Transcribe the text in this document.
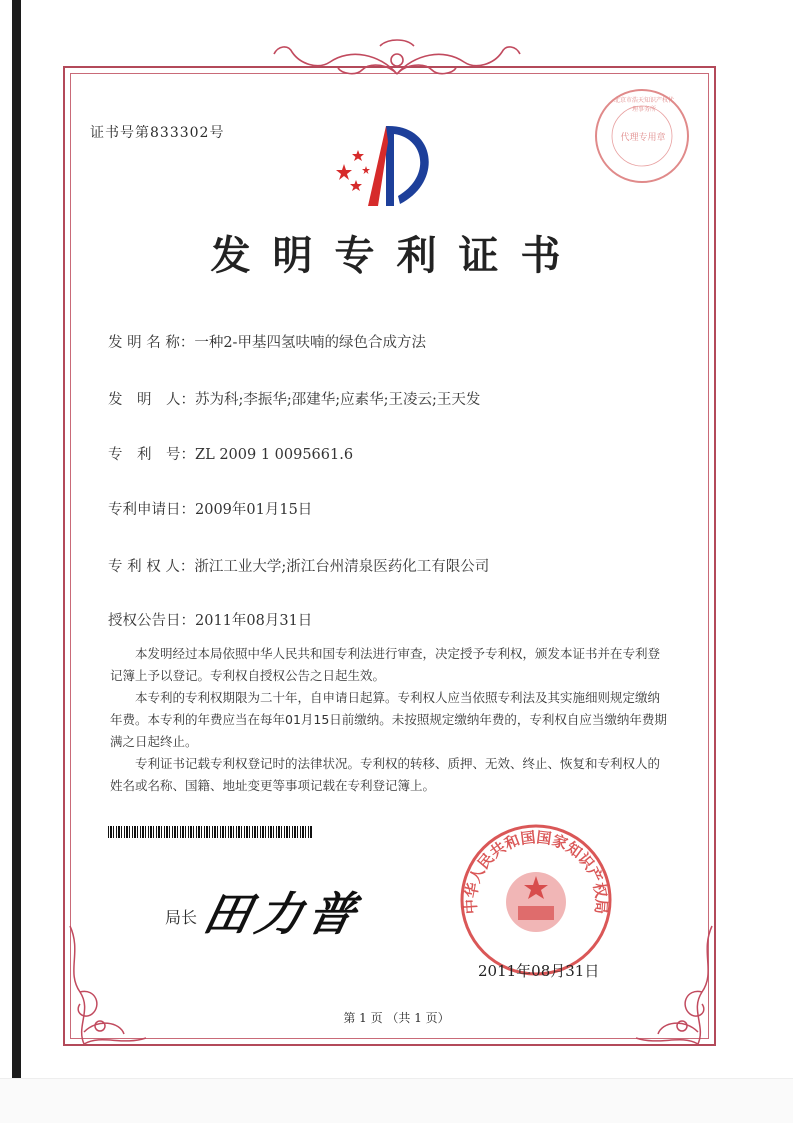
证书号第833302号
北京市浩天知识产权代理事务所
代理专用章
发明专利证书
发 明 名 称：一种2-甲基四氢呋喃的绿色合成方法
发　明　人：苏为科;李振华;邵建华;应素华;王凌云;王天发
专　利　号：ZL 2009 1 0095661.6
专利申请日：2009年01月15日
专 利 权 人：浙江工业大学;浙江台州清泉医药化工有限公司
授权公告日：2011年08月31日

本发明经过本局依照中华人民共和国专利法进行审查，决定授予专利权，颁发本证书并在专利登记簿上予以登记。专利权自授权公告之日起生效。

本专利的专利权期限为二十年，自申请日起算。专利权人应当依照专利法及其实施细则规定缴纳年费。本专利的年费应当在每年01月15日前缴纳。未按照规定缴纳年费的，专利权自应当缴纳年费期满之日起终止。

专利证书记载专利权登记时的法律状况。专利权的转移、质押、无效、终止、恢复和专利权人的姓名或名称、国籍、地址变更等事项记载在专利登记簿上。

局长 田力普	中华人民共和国国家知识产权局
2011年08月31日
第 1 页 （共 1 页）
